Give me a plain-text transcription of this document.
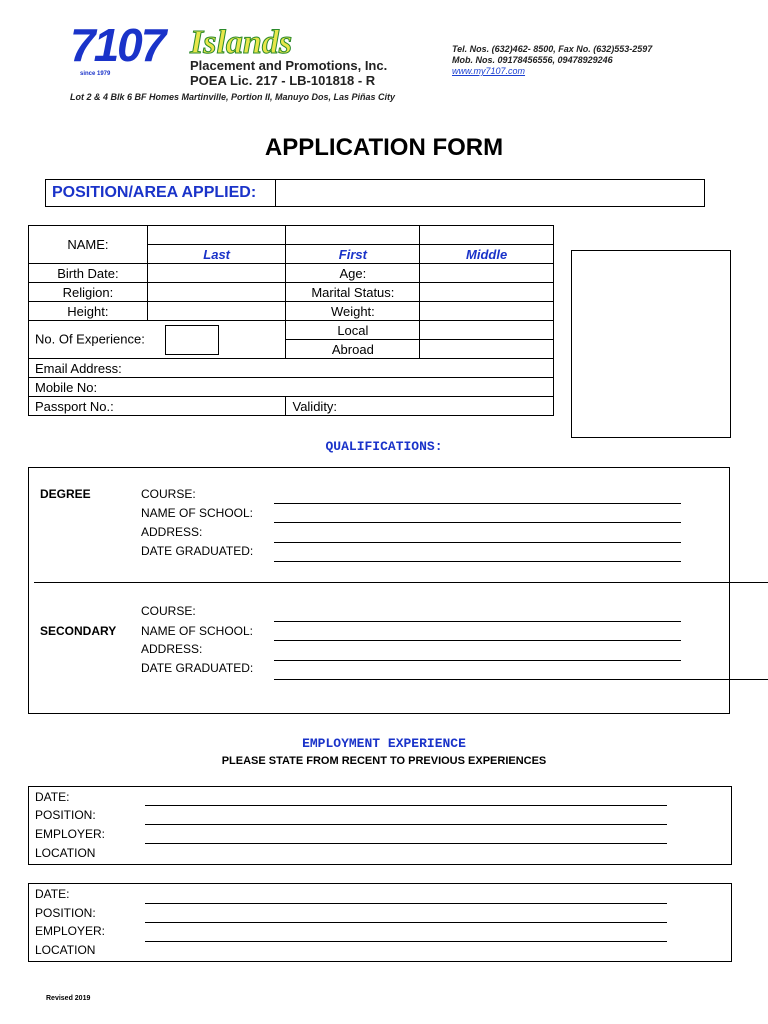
7107 Islands
since 1979
Placement and Promotions, Inc.
POEA Lic. 217 - LB-101818 - R
Lot 2 & 4 Blk 6 BF Homes Martinville, Portion II, Manuyo Dos, Las Piñas City
Tel. Nos. (632)462- 8500, Fax No. (632)553-2597
Mob. Nos. 09178456556, 09478929246
www.my7107.com
APPLICATION FORM
POSITION/AREA APPLIED:
NAME:			
	Last	First	Middle
Birth Date:		Age:	
Religion:		Marital Status:	
Height:		Weight:	
No. Of Experience:		Local	
		Abroad	
Email Address:			
Mobile No:			
Passport No.:		Validity:	
QUALIFICATIONS:
DEGREE	COURSE:
NAME OF SCHOOL:
ADDRESS:
DATE GRADUATED:
SECONDARY
COURSE:
NAME OF SCHOOL:
ADDRESS:
DATE GRADUATED:
EMPLOYMENT EXPERIENCE
PLEASE STATE FROM RECENT TO PREVIOUS EXPERIENCES
DATE:
POSITION:
EMPLOYER:
LOCATION
DATE:
POSITION:
EMPLOYER:
LOCATION
Revised 2019
